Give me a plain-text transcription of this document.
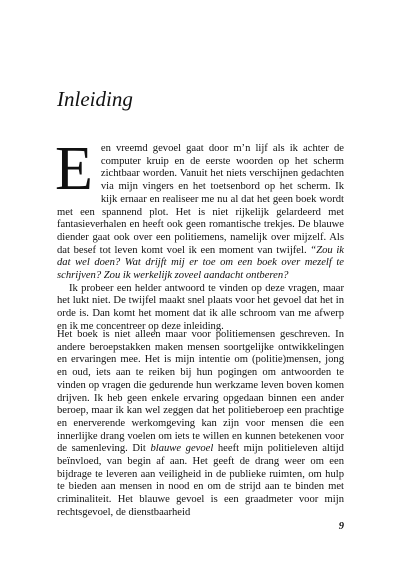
Inleiding

Een vreemd gevoel gaat door m’n lijf als ik achter de computer kruip en de eerste woorden op het scherm zichtbaar worden. Vanuit het niets verschijnen gedachten via mijn vingers en het toetsenbord op het scherm. Ik kijk ernaar en realiseer me nu al dat het geen boek wordt met een spannend plot. Het is niet rijkelijk gelardeerd met fantasieverhalen en heeft ook geen romantische trekjes. De blauwe diender gaat ook over een politiemens, namelijk over mijzelf. Als dat besef tot leven komt voel ik een moment van twijfel. “Zou ik dat wel doen? Wat drijft mij er toe om een boek over mezelf te schrijven? Zou ik werkelijk zoveel aandacht ontberen?

Ik probeer een helder antwoord te vinden op deze vragen, maar het lukt niet. De twijfel maakt snel plaats voor het gevoel dat het in orde is. Dan komt het moment dat ik alle schroom van me afwerp en ik me concentreer op deze inleiding.

Het boek is niet alleen maar voor politiemensen geschreven. In andere beroepstakken maken mensen soortgelijke ontwikkelingen en ervaringen mee. Het is mijn intentie om (politie)mensen, jong en oud, iets aan te reiken bij hun pogingen om antwoorden te vinden op vragen die gedurende hun werkzame leven boven komen drijven. Ik heb geen enkele ervaring opgedaan binnen een ander beroep, maar ik kan wel zeggen dat het politieberoep een prachtige en enerverende werkomgeving kan zijn voor mensen die een innerlijke drang voelen om iets te willen en kunnen betekenen voor de samenleving. Dit blauwe gevoel heeft mijn politieleven altijd beïnvloed, van begin af aan. Het geeft de drang weer om een bijdrage te leveren aan veiligheid in de publieke ruimten, om hulp te bieden aan mensen in nood en om de strijd aan te binden met criminaliteit. Het blauwe gevoel is een graadmeter voor mijn rechtsgevoel, de dienstbaarheid

9
